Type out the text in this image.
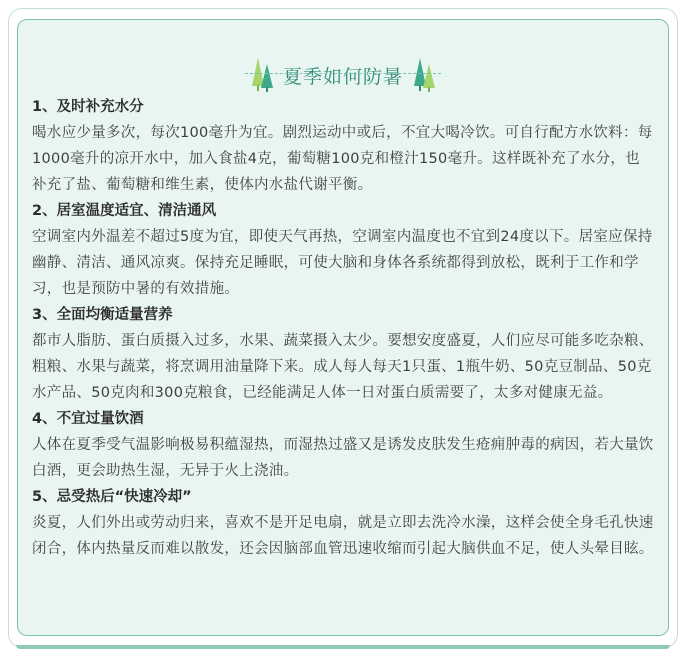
夏季如何防暑
1、及时补充水分
喝水应少量多次，每次100毫升为宜。剧烈运动中或后，不宜大喝冷饮。可自行配方水饮料：每1000毫升的凉开水中，加入食盐4克，葡萄糖100克和橙汁150毫升。这样既补充了水分，也补充了盐、葡萄糖和维生素，使体内水盐代谢平衡。
2、居室温度适宜、清洁通风
空调室内外温差不超过5度为宜，即使天气再热，空调室内温度也不宜到24度以下。居室应保持幽静、清洁、通风凉爽。保持充足睡眠，可使大脑和身体各系统都得到放松，既利于工作和学习，也是预防中暑的有效措施。
3、全面均衡适量营养
都市人脂肪、蛋白质摄入过多，水果、蔬菜摄入太少。要想安度盛夏，人们应尽可能多吃杂粮、粗粮、水果与蔬菜，将烹调用油量降下来。成人每人每天1只蛋、1瓶牛奶、50克豆制品、50克水产品、50克肉和300克粮食，已经能满足人体一日对蛋白质需要了，太多对健康无益。
4、不宜过量饮酒
人体在夏季受气温影响极易积蕴湿热，而湿热过盛又是诱发皮肤发生疮痈肿毒的病因，若大量饮白酒，更会助热生湿，无异于火上浇油。
5、忌受热后“快速冷却”
炎夏，人们外出或劳动归来，喜欢不是开足电扇，就是立即去洗冷水澡，这样会使全身毛孔快速闭合，体内热量反而难以散发，还会因脑部血管迅速收缩而引起大脑供血不足，使人头晕目眩。
